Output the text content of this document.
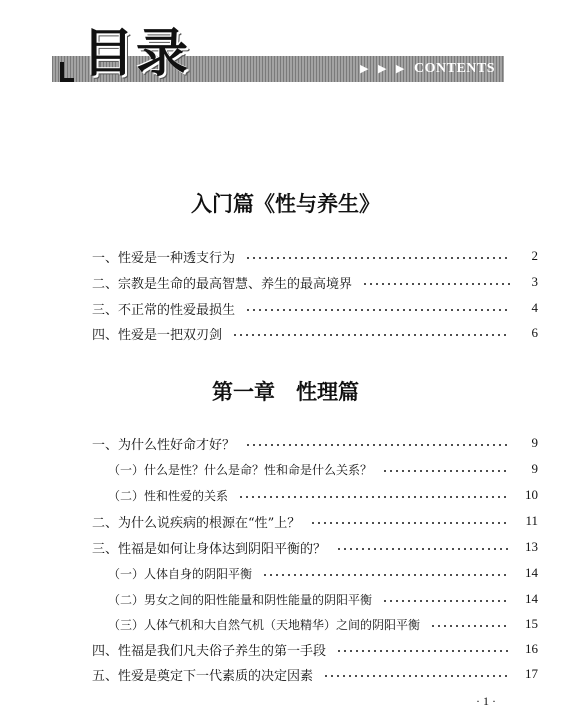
目录	▶ ▶ ▶ CONTENTS
入门篇《性与养生》
一、性爱是一种透支行为	2
二、宗教是生命的最高智慧、养生的最高境界	3
三、不正常的性爱最损生	4
四、性爱是一把双刃剑	6
第一章　性理篇
一、为什么性好命才好？	9
（一）什么是性？什么是命？性和命是什么关系？	9
（二）性和性爱的关系	10
二、为什么说疾病的根源在“性”上？	11
三、性福是如何让身体达到阴阳平衡的？	13
（一）人体自身的阴阳平衡	14
（二）男女之间的阳性能量和阴性能量的阴阳平衡	14
（三）人体气机和大自然气机（天地精华）之间的阴阳平衡	15
四、性福是我们凡夫俗子养生的第一手段	16
五、性爱是奠定下一代素质的决定因素	17
· 1 ·
